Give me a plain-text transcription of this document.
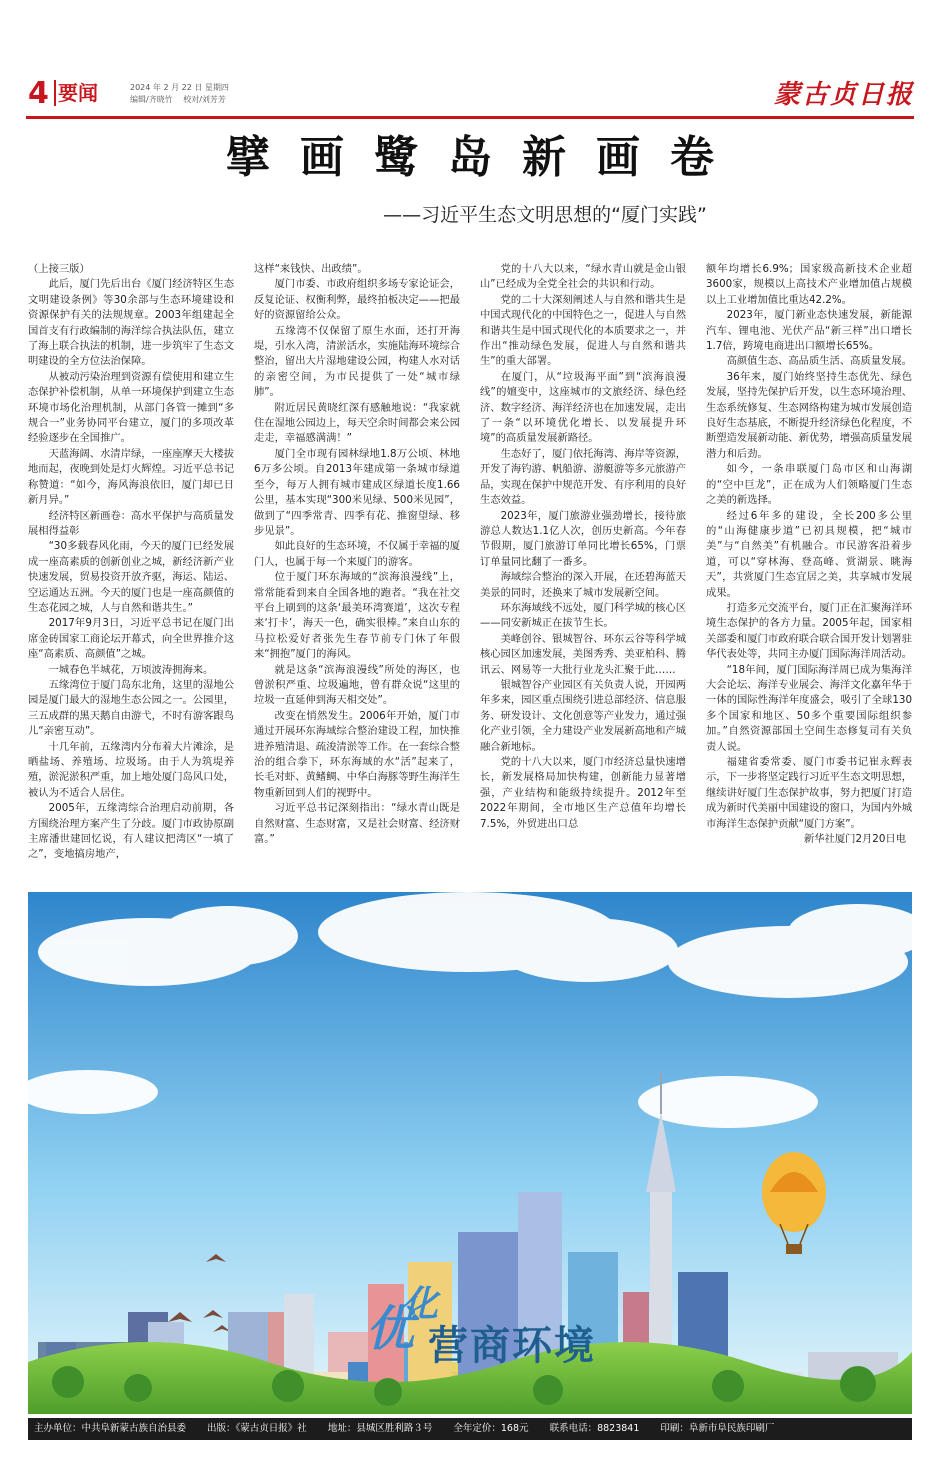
4 要闻	2024 年 2 月 22 日 星期四
编辑/齐晓竹　 校对/刘芳芳	蒙古贞日报
擘画鹭岛新画卷
——习近平生态文明思想的“厦门实践”

（上接三版）

此后，厦门先后出台《厦门经济特区生态文明建设条例》等30余部与生态环境建设和资源保护有关的法规规章。2003年组建起全国首支有行政编制的海洋综合执法队伍，建立了海上联合执法的机制，进一步筑牢了生态文明建设的全方位法治保障。

从被动污染治理到资源有偿使用和建立生态保护补偿机制，从单一环境保护到建立生态环境市场化治理机制，从部门各管一摊到“多规合一”业务协同平台建立，厦门的多项改革经验逐步在全国推广。

天蓝海阔、水清岸绿，一座座摩天大楼拔地而起，夜晚到处是灯火辉煌。习近平总书记称赞道：“如今，海风海浪依旧，厦门却已日新月异。”

经济特区新画卷：高水平保护与高质量发展相得益彰

“30多载春风化雨，今天的厦门已经发展成一座高素质的创新创业之城，新经济新产业快速发展，贸易投资开放齐驱，海运、陆运、空运通达五洲。今天的厦门也是一座高颜值的生态花园之城，人与自然和谐共生。”

2017年9月3日，习近平总书记在厦门出席金砖国家工商论坛开幕式，向全世界推介这座“高素质、高颜值”之城。

一城春色半城花，万顷波涛拥海来。

五缘湾位于厦门岛东北角，这里的湿地公园是厦门最大的湿地生态公园之一。公园里，三五成群的黑天鹅自由游弋，不时有游客跟鸟儿“亲密互动”。

十几年前，五缘湾内分布着大片滩涂，是晒盐场、养殖场、垃圾场。由于人为筑堤养殖，淤泥淤积严重，加上地处厦门岛风口处，被认为不适合人居住。

2005年，五缘湾综合治理启动前期，各方围绕治理方案产生了分歧。厦门市政协原副主席潘世建回忆说，有人建议把湾区“一填了之”，变地搞房地产，

这样“来钱快、出政绩”。

厦门市委、市政府组织多场专家论证会，反复论证、权衡利弊，最终拍板决定——把最好的资源留给公众。

五缘湾不仅保留了原生水面，还打开海堤，引水入湾，清淤活水，实施陆海环境综合整治，留出大片湿地建设公园，构建人水对话的亲密空间，为市民提供了一处“城市绿肺”。

附近居民黄晓红深有感触地说：“我家就住在湿地公园边上，每天空余时间都会来公园走走，幸福感满满！”

厦门全市现有园林绿地1.8万公顷、林地6万多公顷。自2013年建成第一条城市绿道至今，每万人拥有城市建成区绿道长度1.66公里，基本实现“300米见绿、500米见园”，做到了“四季常青、四季有花、推窗望绿、移步见景”。

如此良好的生态环境，不仅属于幸福的厦门人，也属于每一个来厦门的游客。

位于厦门环东海域的“滨海浪漫线”上，常常能看到来自全国各地的跑者。“我在社交平台上刷到的这条‘最美环湾赛道’，这次专程来‘打卡’，海天一色，确实很棒。”来自山东的马拉松爱好者张先生春节前专门休了年假来“拥抱”厦门的海风。

就是这条“滨海浪漫线”所处的海区，也曾淤积严重、垃圾遍地，曾有群众说“这里的垃圾一直延伸到海天相交处”。

改变在悄然发生。2006年开始，厦门市通过开展环东海域综合整治建设工程，加快推进养殖清退、疏浚清淤等工作。在一套综合整治的组合拳下，环东海域的水“活”起来了，长毛对虾、黄鳍鲷、中华白海豚等野生海洋生物重新回到人们的视野中。

习近平总书记深刻指出：“绿水青山既是自然财富、生态财富，又是社会财富、经济财富。”

党的十八大以来，“绿水青山就是金山银山”已经成为全党全社会的共识和行动。

党的二十大深刻阐述人与自然和谐共生是中国式现代化的中国特色之一，促进人与自然和谐共生是中国式现代化的本质要求之一，并作出“推动绿色发展，促进人与自然和谐共生”的重大部署。

在厦门，从“垃圾海平面”到“滨海浪漫线”的嬗变中，这座城市的文旅经济、绿色经济、数字经济、海洋经济也在加速发展，走出了一条“以环境优化增长、以发展提升环境”的高质量发展新路径。

生态好了，厦门依托海湾、海岸等资源，开发了海钓游、帆船游、游艇游等多元旅游产品，实现在保护中规范开发、有序利用的良好生态效益。

2023年，厦门旅游业强劲增长，接待旅游总人数达1.1亿人次，创历史新高。今年春节假期，厦门旅游订单同比增长65%，门票订单量同比翻了一番多。

海域综合整治的深入开展，在还碧海蓝天美景的同时，还换来了城市发展新空间。

环东海域线不远处，厦门科学城的核心区——同安新城正在拔节生长。

美峰创谷、银城智谷、环东云谷等科学城核心园区加速发展，美图秀秀、美亚柏科、腾讯云、网易等一大批行业龙头汇聚于此……

银城智谷产业园区有关负责人说，开园两年多来，园区重点围绕引进总部经济、信息服务、研发设计、文化创意等产业发力，通过强化产业引领，全力建设产业发展新高地和产城融合新地标。

党的十八大以来，厦门市经济总量快速增长，新发展格局加快构建，创新能力显著增强，产业结构和能级持续提升。2012年至2022年期间，全市地区生产总值年均增长7.5%，外贸进出口总

额年均增长6.9%；国家级高新技术企业超3600家，规模以上高技术产业增加值占规模以上工业增加值比重达42.2%。

2023年，厦门新业态快速发展，新能源汽车、锂电池、光伏产品“新三样”出口增长1.7倍，跨境电商进出口额增长65%。

高颜值生态、高品质生活、高质量发展。

36年来，厦门始终坚持生态优先、绿色发展，坚持先保护后开发，以生态环境治理、生态系统修复、生态网络构建为城市发展创造良好生态基底，不断提升经济绿色化程度，不断塑造发展新动能、新优势，增强高质量发展潜力和后劲。

如今，一条串联厦门岛市区和山海湖的“空中巨龙”，正在成为人们领略厦门生态之美的新选择。

经过6年多的建设，全长200多公里的“山海健康步道”已初具规模，把“城市美”与“自然美”有机融合。市民游客沿着步道，可以“穿林海、登高峰、赏湖景、眺海天”，共赏厦门生态宜居之美，共享城市发展成果。

打造多元交流平台，厦门正在汇聚海洋环境生态保护的各方力量。2005年起，国家相关部委和厦门市政府联合联合国开发计划署驻华代表处等，共同主办厦门国际海洋周活动。

“18年间，厦门国际海洋周已成为集海洋大会论坛、海洋专业展会、海洋文化嘉年华于一体的国际性海洋年度盛会，吸引了全球130多个国家和地区、50多个重要国际组织参加。”自然资源部国土空间生态修复司有关负责人说。

福建省委常委、厦门市委书记崔永辉表示，下一步将坚定践行习近平生态文明思想，继续讲好厦门生态保护故事，努力把厦门打造成为新时代美丽中国建设的窗口，为国内外城市海洋生态保护贡献“厦门方案”。

新华社厦门2月20日电

优
化
营商环境
主办单位：中共阜新蒙古族自治县委 出版：《蒙古贞日报》社 地址：县城区胜利路３号 全年定价：168元 联系电话：8823841 印刷：阜新市阜民族印刷厂
